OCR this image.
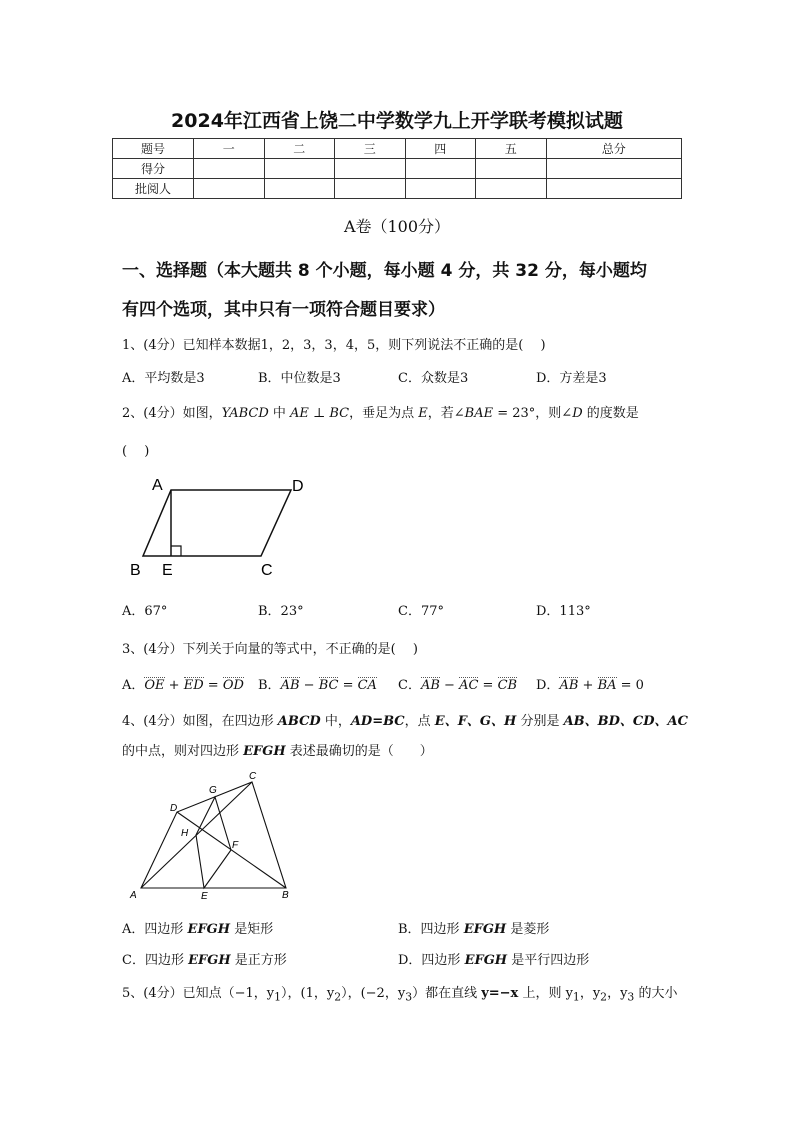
2024年江西省上饶二中学数学九上开学联考模拟试题
题号	一	二	三	四	五	总分
得分						
批阅人						
A卷（100分）
一、选择题（本大题共 8 个小题，每小题 4 分，共 32 分，每小题均
有四个选项，其中只有一项符合题目要求）
1、(4分）已知样本数据1，2，3，3，4，5，则下列说法不正确的是(　 )
A．平均数是3	B．中位数是3	C．众数是3	D．方差是3
2、(4分）如图，YABCD 中 AE ⊥ BC，垂足为点 E，若∠BAE = 23°，则∠D 的度数是
(　 )
A	D
B E	C
A．67°	B．23°	C．77°	D．113°
3、(4分）下列关于向量的等式中，不正确的是(　 )
A．OE + ED = OD B．AB − BC = CA C．AB − AC = CB D．AB + BA = 0
4、(4分）如图，在四边形 ABCD 中，AD=BC，点 E、F、G、H 分别是 AB、BD、CD、AC
的中点，则对四边形 EFGH 表述最确切的是（　　）
A	B
C
D
E
F
G
H
A．四边形 EFGH 是矩形	B．四边形 EFGH 是菱形
C．四边形 EFGH 是正方形	D．四边形 EFGH 是平行四边形
5、(4分）已知点（−1，$y_1$），(1，$y_2$），(−2，$y_3$）都在直线 y=−x 上，则 $y_1$，$y_2$，$y_3$ 的大小
